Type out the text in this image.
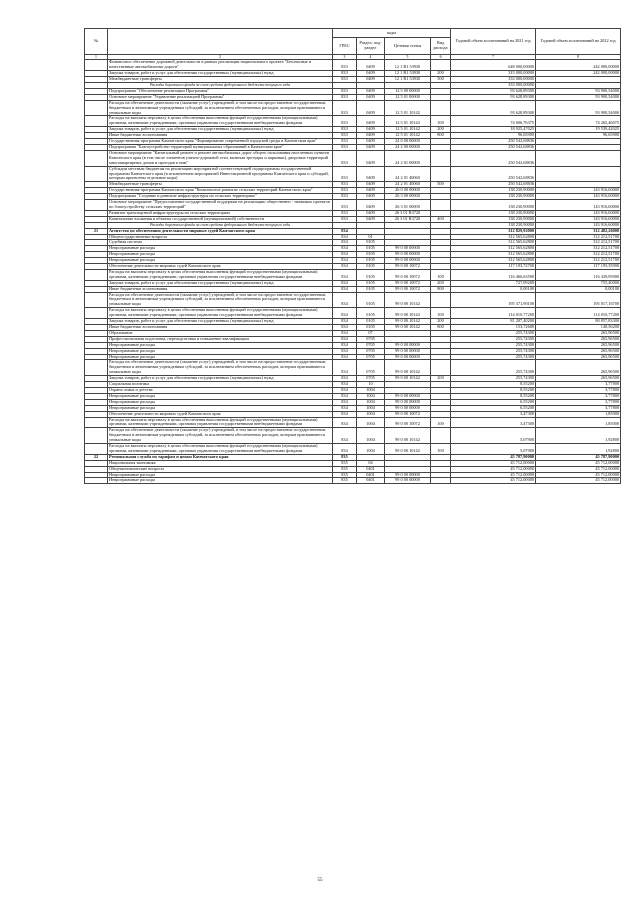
№		коды				Годовой объем ассигнований на 2021 год	Годовой объем ассигнований на 2022 год
		ГРБС	Раздел, под-раздел	Целевая статья	Вид расхода		
1	2	3	4	5	6	7	8
	Финансовое обеспечение дорожной деятельности в рамках реализации национального проекта "Безопасные и качественные автомобильные дороги"	833	0409	12 1 R1 53930		648 000,00000	242 000,00000
	Закупка товаров, работ и услуг для обеспечения государственных (муниципальных) нужд	833	0409	12 1 R1 53930	200	315 000,00000	242 000,00000
	Межбюджетные трансферты	833	0409	12 1 R1 53930	500	333 000,00000	
	Расходы дорожного фонда за счет средств федерального бюджета текущего года					333 000,00000	
	Подпрограмма "Обеспечение реализации Программы"	833	0409	12 5 00 00000		93 628,89300	93 900,54000
	Основное мероприятие "Управление реализацией Программы"	833	0409	12 5 01 00000		93 628,89300	93 900,54000
	Расходы на обеспечение деятельности (оказание услуг) учреждений, в том числе на предоставление государственным бюджетным и автономным учреждениям субсидий, за исключением обеспеченных расходов, которым присваиваются уникальные коды	833	0409	12 5 01 10142		93 628,89300	93 900,54000
	Расходы на выплаты персоналу в целях обеспечения выполнения функций государственными (муниципальными) органами, казенными учреждениями, органами управления государственными внебюджетными фондами	833	0409	12 5 01 10142	100	74 606,76375	74 265,46075
	Закупка товаров, работ и услуг для обеспечения государственных (муниципальных) нужд	833	0409	12 5 01 10142	200	18 925,47025	19 539,42025
	Иные бюджетные ассигнования	833	0409	12 5 01 10142	800	96,65900	96,65900
	Государственная программа Камчатского края "Формирование современной городской среды в Камчатском крае"	833	0409	24 0 00 00000		250 542,68836	
	Подпрограмма "Благоустройство территорий муниципальных образований в Камчатском крае"	833	0409	24 2 00 00000		250 542,68836	
	Основное мероприятие "Капитальный ремонт и ремонт автомобильных дорог общего пользования населенных пунктов Камчатского края (в том числе элементов улично-дорожной сети, включая тротуары и парковки), дворовых территорий многоквартирных домов и проездов к ним"	833	0409	24 2 01 00000		250 542,68836	
	Субсидии местным бюджетам на реализацию мероприятий соответствующей подпрограммы государственной программы Камчатского края (в исключением мероприятий Инвестиционной программы Камчатского края и субсидий, которым присвоены отдельные коды)	833	0409	24 2 01 40060		250 542,68836	
	Межбюджетные трансферты	833	0409	24 2 01 40060	500	250 542,68836	
	Государственная программа Камчатского края "Комплексное развитие сельских территорий Камчатского края"	833	0409	26 0 00 00000		138 230,90000	143 916,60000
	Подпрограмма "Создание и развитие инфраструктуры на сельских территориях"	833	0409	26 3 00 00000		138 230,90000	143 916,60000
	Основное мероприятие "Предоставление государственной поддержки на реализацию общественно - значимых проектов по благоустройству сельских территорий"	833	0409	26 3 01 00000		138 230,90000	143 916,60000
	Развитие транспортной инфраструктуры на сельских территориях	833	0409	26 3 01 R3720		138 230,90000	143 916,60000
	Капитальные вложения в объекты государственной (муниципальной) собственности	833	0409	26 3 01 R3720	400	138 230,90000	143 916,60000
	Расходы дорожного фонда за счет средств федерального бюджета текущего года					138 230,90000	143 916,60000
21	Агентство по обеспечению деятельности мировых судей Камчатского края	834				312 829,92000	312 482,26000
	Общегосударственные вопросы	834	01			312 565,62800	312 212,51700
	Судебная система	834	0105			312 565,62800	312 212,51700
	Непрограммные расходы	834	0105	99 0 00 00000		312 565,62800	312 212,51700
	Непрограммные расходы	834	0105	99 0 00 00000		312 565,62800	312 212,51700
	Непрограммные расходы	834	0105	99 0 00 00000		312 565,62800	312 212,51700
	Обеспечение деятельности мировых судей Камчатского края	834	0105	99 0 00 10072		117 193,72700	117 195,35900
	Расходы на выплаты персоналу в целях обеспечения выполнения функций государственными (муниципальными) органами, казенными учреждениями, органами управления государственными внебюджетными фондами	834	0105	99 0 00 10072	100	116 466,63500	116 439,95900
	Закупка товаров, работ и услуг для обеспечения государственных (муниципальных) нужд	834	0105	99 0 00 10072	200	727,09200	755,40000
	Иные бюджетные ассигнования	834	0105	99 0 00 10072	800	0,00100	0,00100
	Расходы на обеспечение деятельности (оказание услуг) учреждений, в том числе на предоставление государственным бюджетным и автономным учреждениям субсидий, за исключением обеспеченных расходов, которым присваиваются уникальные коды	834	0105	99 0 00 10142		195 371,90100	195 017,16700
	Расходы на выплаты персоналу в целях обеспечения выполнения функций государственными (муниципальными) органами, казенными учреждениями, органами управления государственными внебюджетными фондами	834	0105	99 0 00 10142	100	114 010,77200	114 010,77200
	Закупка товаров, работ и услуг для обеспечения государственных (муниципальных) нужд	834	0105	99 0 00 10142	200	81 207,40200	80 857,83300
	Иные бюджетные ассигнования	834	0105	99 0 00 10142	800	153,72600	148,56200
	Образование	834	07			255,74300	265,96500
	Профессиональная подготовка, переподготовка и повышение квалификации	834	0705			255,74300	265,96500
	Непрограммные расходы	834	0705	99 0 00 00000		255,74300	265,96500
	Непрограммные расходы	834	0705	99 0 00 00000		255,74300	265,96500
	Непрограммные расходы	834	0705	99 0 00 00000		255,74300	265,96500
	Расходы на обеспечение деятельности (оказание услуг) учреждений, в том числе на предоставление государственным бюджетным и автономным учреждениям субсидий, за исключением обеспеченных расходов, которым присваиваются уникальные коды	834	0705	99 0 00 10142		255,74300	265,96500
	Закупка товаров, работ и услуг для обеспечения государственных (муниципальных) нужд	834	0705	99 0 00 10142	200	255,74300	265,96500
	Социальная политика	834	10			8,55200	3,77800
	Охрана семьи и детства	834	1004			8,55200	3,77800
	Непрограммные расходы	834	1004	99 0 00 00000		8,55200	3,77800
	Непрограммные расходы	834	1004	99 0 00 00000		6,55200	3,77800
	Непрограммные расходы	834	1004	99 0 00 00000		6,55200	3,77800
	Обеспечение деятельности мировых судей Камчатского края	834	1004	99 0 00 10072		3,47300	1,85000
	Расходы на выплаты персоналу в целях обеспечения выполнения функций государственными (муниципальными) органами, казенными учреждениями, органами управления государственными внебюджетными фондами	834	1004	99 0 00 10072	100	3,47300	1,85000
	Расходы на обеспечение деятельности (оказание услуг) учреждений, в том числе на предоставление государственным бюджетным и автономным учреждениям субсидий, за исключением обеспеченных расходов, которым присваиваются уникальные коды	834	1004	99 0 00 10142		5,07900	1,92800
	Расходы на выплаты персоналу в целях обеспечения выполнения функций государственными (муниципальными) органами, казенными учреждениями, органами управления государственными внебюджетными фондами	834	1004	99 0 00 10142	100	5,07900	1,92800
22	Региональная служба по тарифам и ценам Камчатского края	835				45 787,90000	45 787,90000
	Национальная экономика	835	04			45 712,00000	45 712,00000
	Общеэкономические вопросы	835	0401			45 712,00000	45 712,00000
	Непрограммные расходы	835	0401	99 0 00 00000		45 712,00000	45 712,00000
	Непрограммные расходы	835	0401	99 0 00 00000		45 712,00000	45 712,00000
55
